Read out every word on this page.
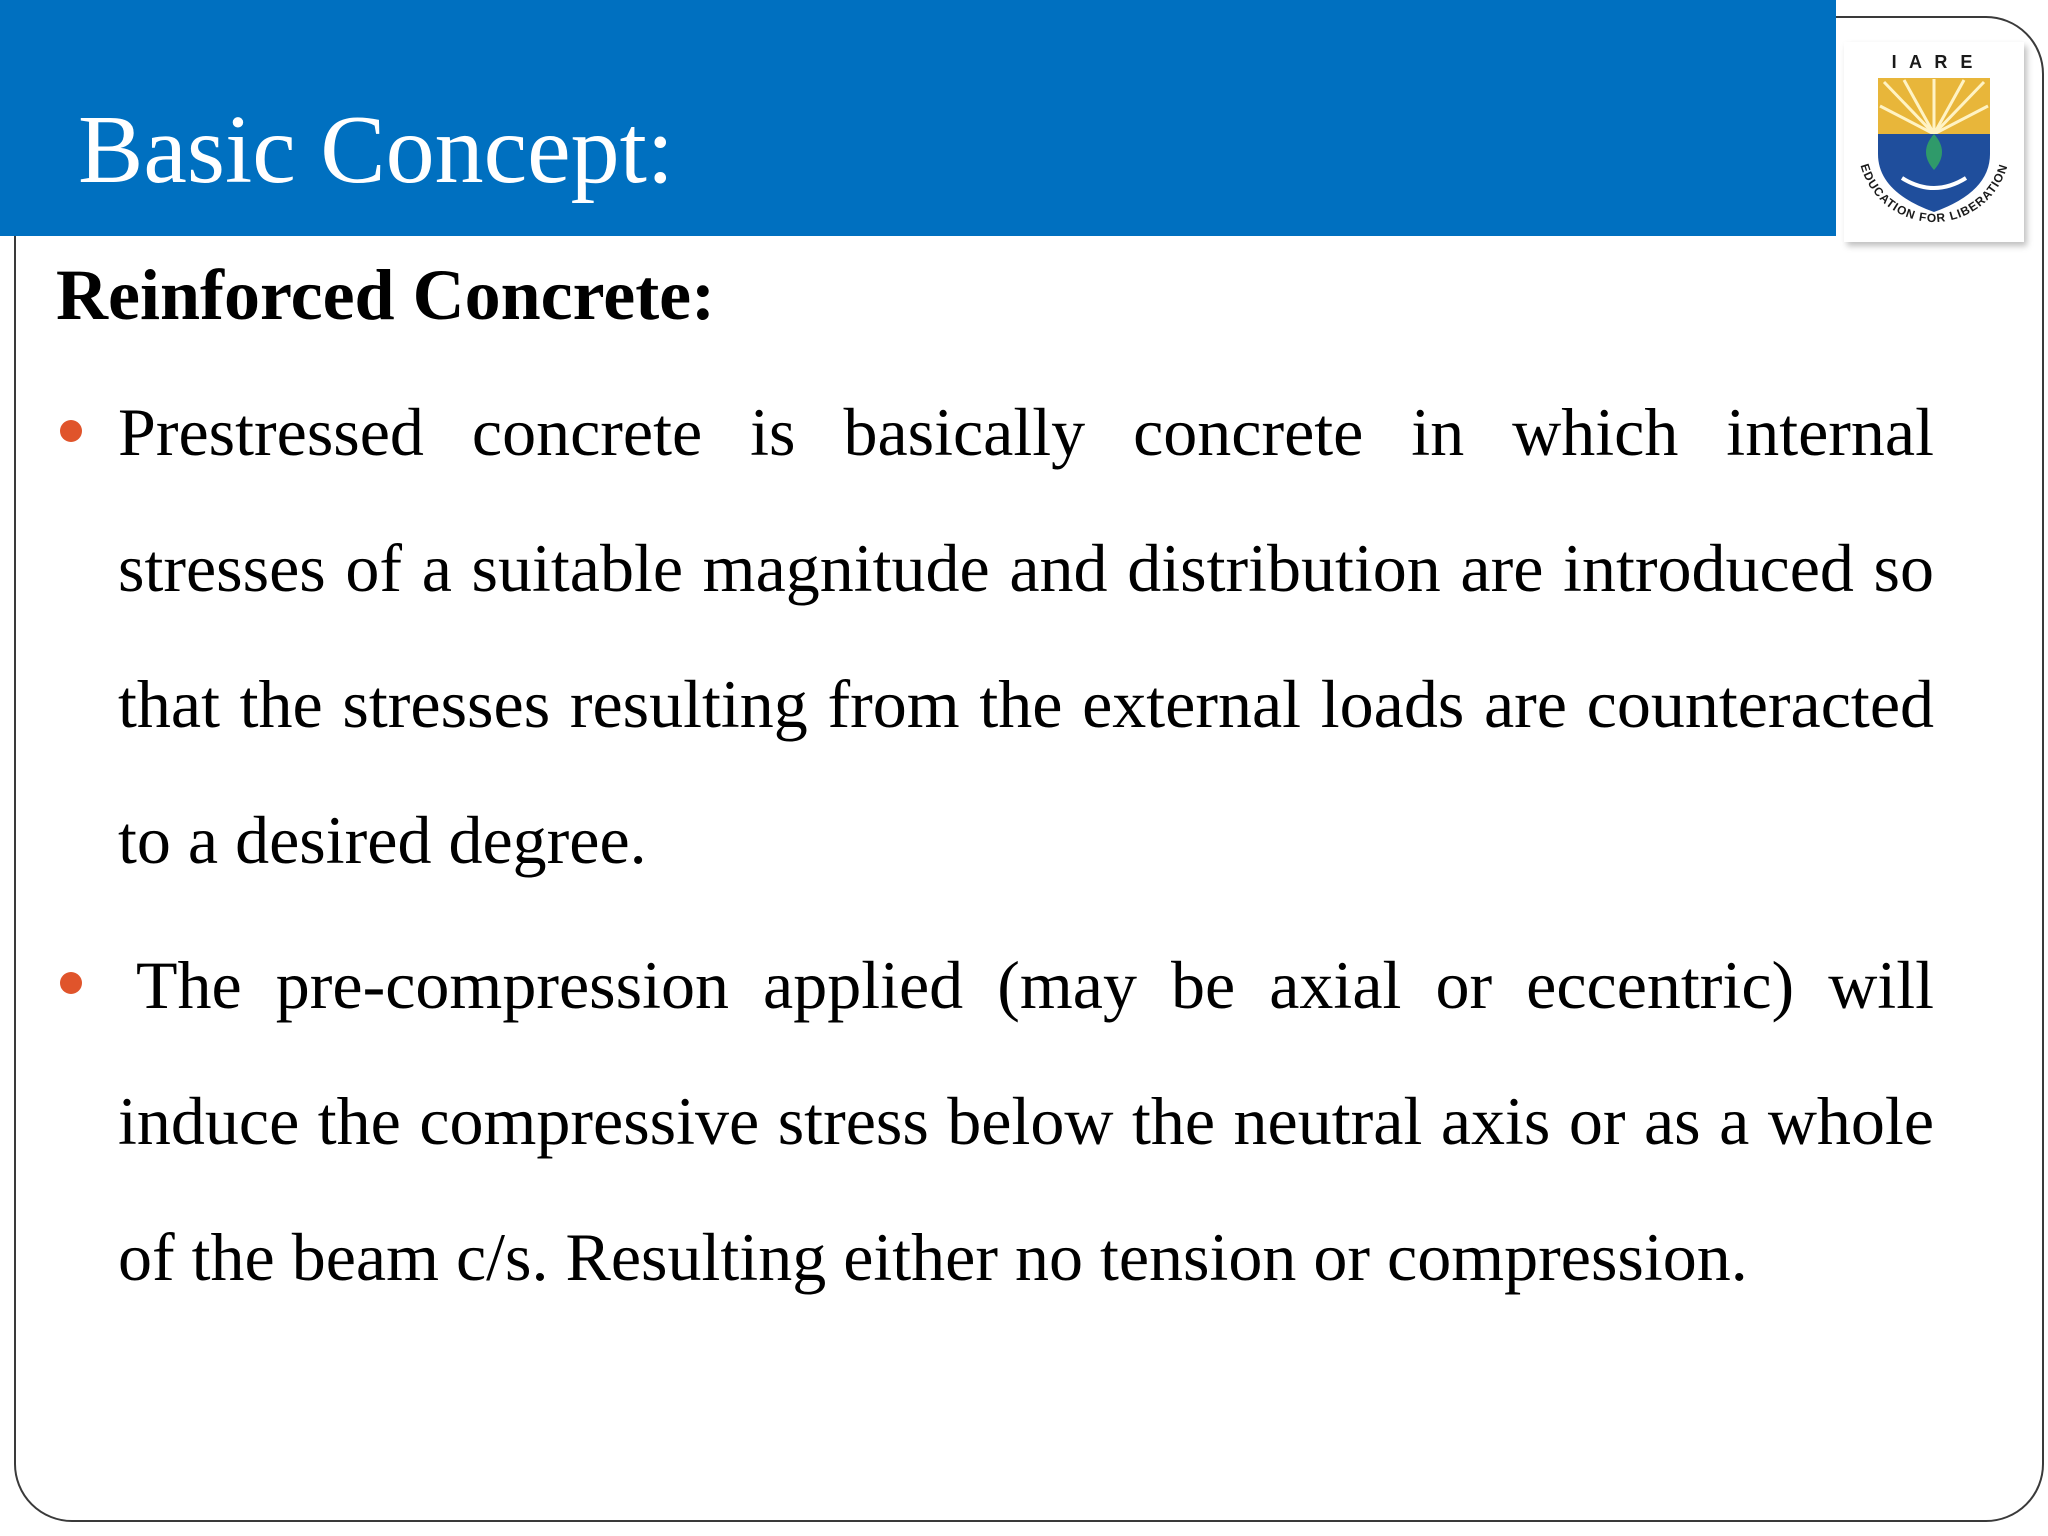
Basic Concept:
I A R E
EDUCATION FOR LIBERATION
Reinforced Concrete:

Prestressed concrete is basically concrete in which internal stresses of a suitable magnitude and distribution are introduced so that the stresses resulting from the external loads are counteracted to a desired degree.

The pre-compression applied (may be axial or eccentric) will induce the compressive stress below the neutral axis or as a whole of the beam c/s. Resulting either no tension or compression.
